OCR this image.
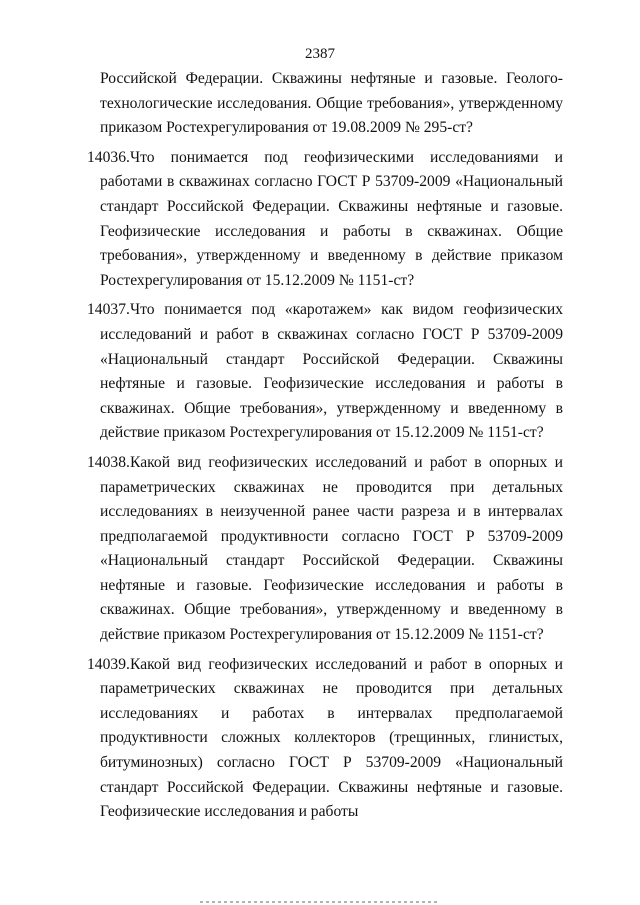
2387

Российской Федерации. Скважины нефтяные и газовые. Геолого-технологические исследования. Общие требования», утвержденному приказом Ростехрегулирования от 19.08.2009 № 295-ст?

14036. Что понимается под геофизическими исследованиями и работами в скважинах согласно ГОСТ Р 53709-2009 «Национальный стандарт Российской Федерации. Скважины нефтяные и газовые. Геофизические исследования и работы в скважинах. Общие требования», утвержденному и введенному в действие приказом Ростехрегулирования от 15.12.2009 № 1151-ст?

14037. Что понимается под «каротажем» как видом геофизических исследований и работ в скважинах согласно ГОСТ Р 53709-2009 «Национальный стандарт Российской Федерации. Скважины нефтяные и газовые. Геофизические исследования и работы в скважинах. Общие требования», утвержденному и введенному в действие приказом Ростехрегулирования от 15.12.2009 № 1151-ст?

14038. Какой вид геофизических исследований и работ в опорных и параметрических скважинах не проводится при детальных исследованиях в неизученной ранее части разреза и в интервалах предполагаемой продуктивности согласно ГОСТ Р 53709-2009 «Национальный стандарт Российской Федерации. Скважины нефтяные и газовые. Геофизические исследования и работы в скважинах. Общие требования», утвержденному и введенному в действие приказом Ростехрегулирования от 15.12.2009 № 1151-ст?

14039. Какой вид геофизических исследований и работ в опорных и параметрических скважинах не проводится при детальных исследованиях и работах в интервалах предполагаемой продуктивности сложных коллекторов (трещинных, глинистых, битуминозных) согласно ГОСТ Р 53709-2009 «Национальный стандарт Российской Федерации. Скважины нефтяные и газовые. Геофизические исследования и работы
